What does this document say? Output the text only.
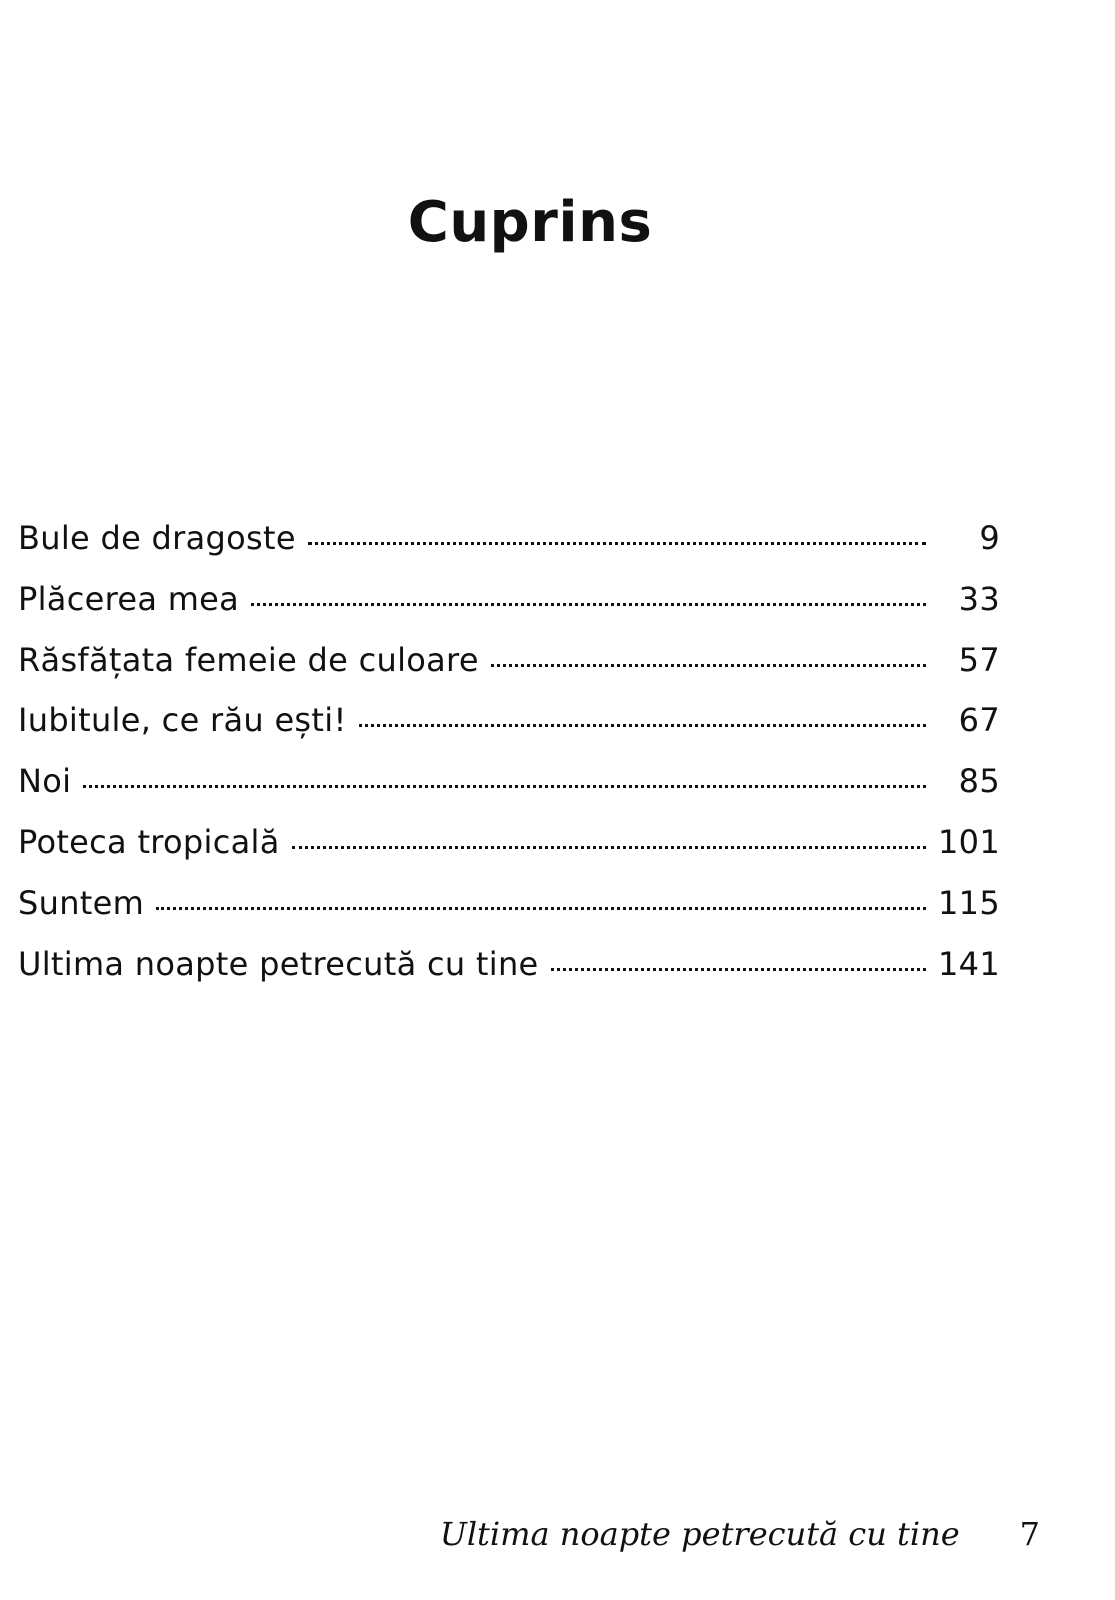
Cuprins
Bule de dragoste	9
Plăcerea mea	33
Răsfățata femeie de culoare	57
Iubitule, ce rău ești!	67
Noi	85
Poteca tropicală	101
Suntem	115
Ultima noapte petrecută cu tine	141
Ultima noapte petrecută cu tine 7
